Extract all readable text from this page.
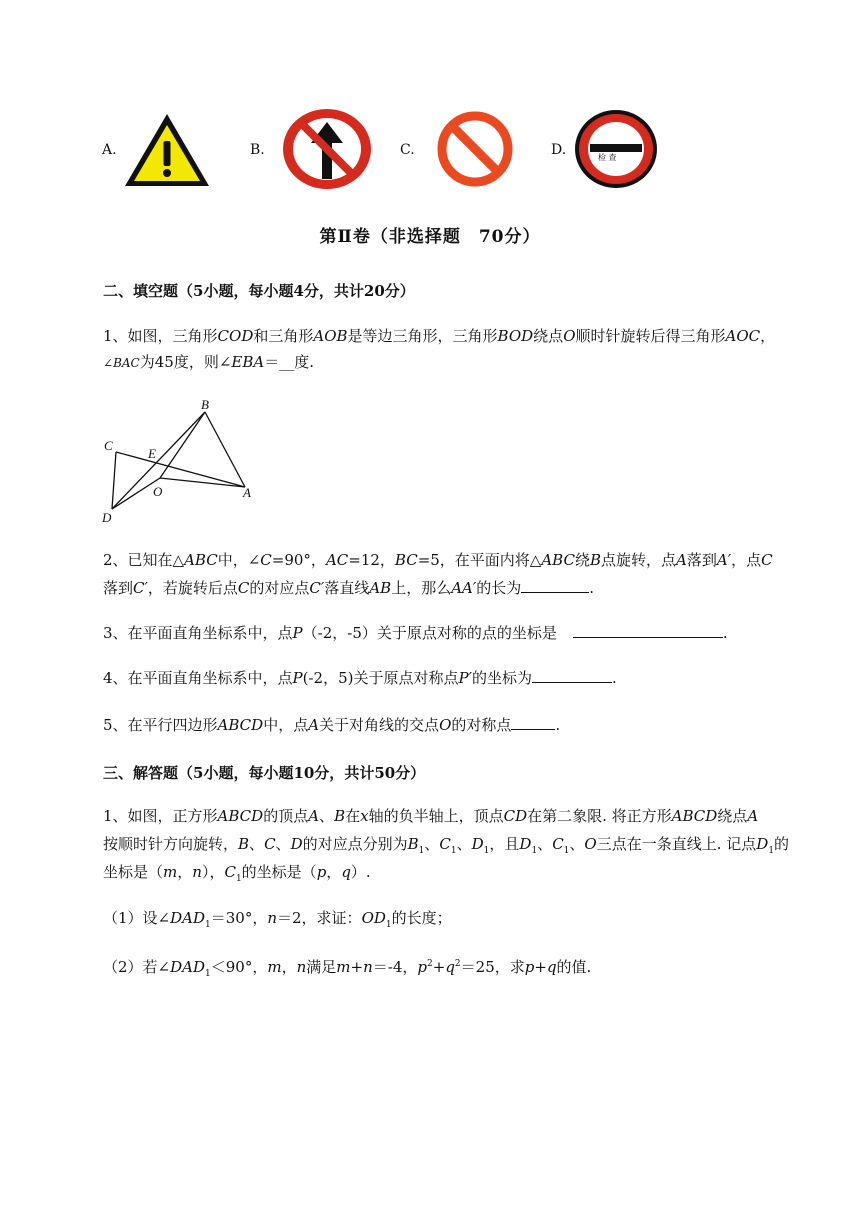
A.	B.	C.	D.	检 查
第Ⅱ卷（非选择题　70分）
二、填空题（5小题，每小题4分，共计20分）
1、如图，三角形COD和三角形AOB是等边三角形，三角形BOD绕点O顺时针旋转后得三角形AOC，
∠BAC为45度，则∠EBA＝__度.
B
C
E
O	A
D
2、已知在△ABC中，∠C=90°，AC=12，BC=5，在平面内将△ABC绕B点旋转，点A落到A′，点C
落到C′，若旋转后点C的对应点C′落直线AB上，那么AA′的长为	.
3、在平面直角坐标系中，点P（‐2，‐5）关于原点对称的点的坐标是	.
4、在平面直角坐标系中，点P(‐2，5)关于原点对称点P′的坐标为	.
5、在平行四边形ABCD中，点A关于对角线的交点O的对称点	.
三、解答题（5小题，每小题10分，共计50分）
1、如图，正方形ABCD的顶点A、B在x轴的负半轴上，顶点CD在第二象限. 将正方形ABCD绕点A
按顺时针方向旋转，B、C、D的对应点分别为$B_1$、$C_1$、$D_1$，且$D_1$、$C_1$、O三点在一条直线上. 记点$D_1$的
坐标是（m，n），$C_1$的坐标是（p，q）.
（1）设$\angle DAD_1=30^\circ$，n＝2，求证：$OD_1$的长度；
（2）若$\angle DAD_1<90^\circ$，m，n满足m+n＝‐4，$p^2+q^2=25$，求p+q的值.
